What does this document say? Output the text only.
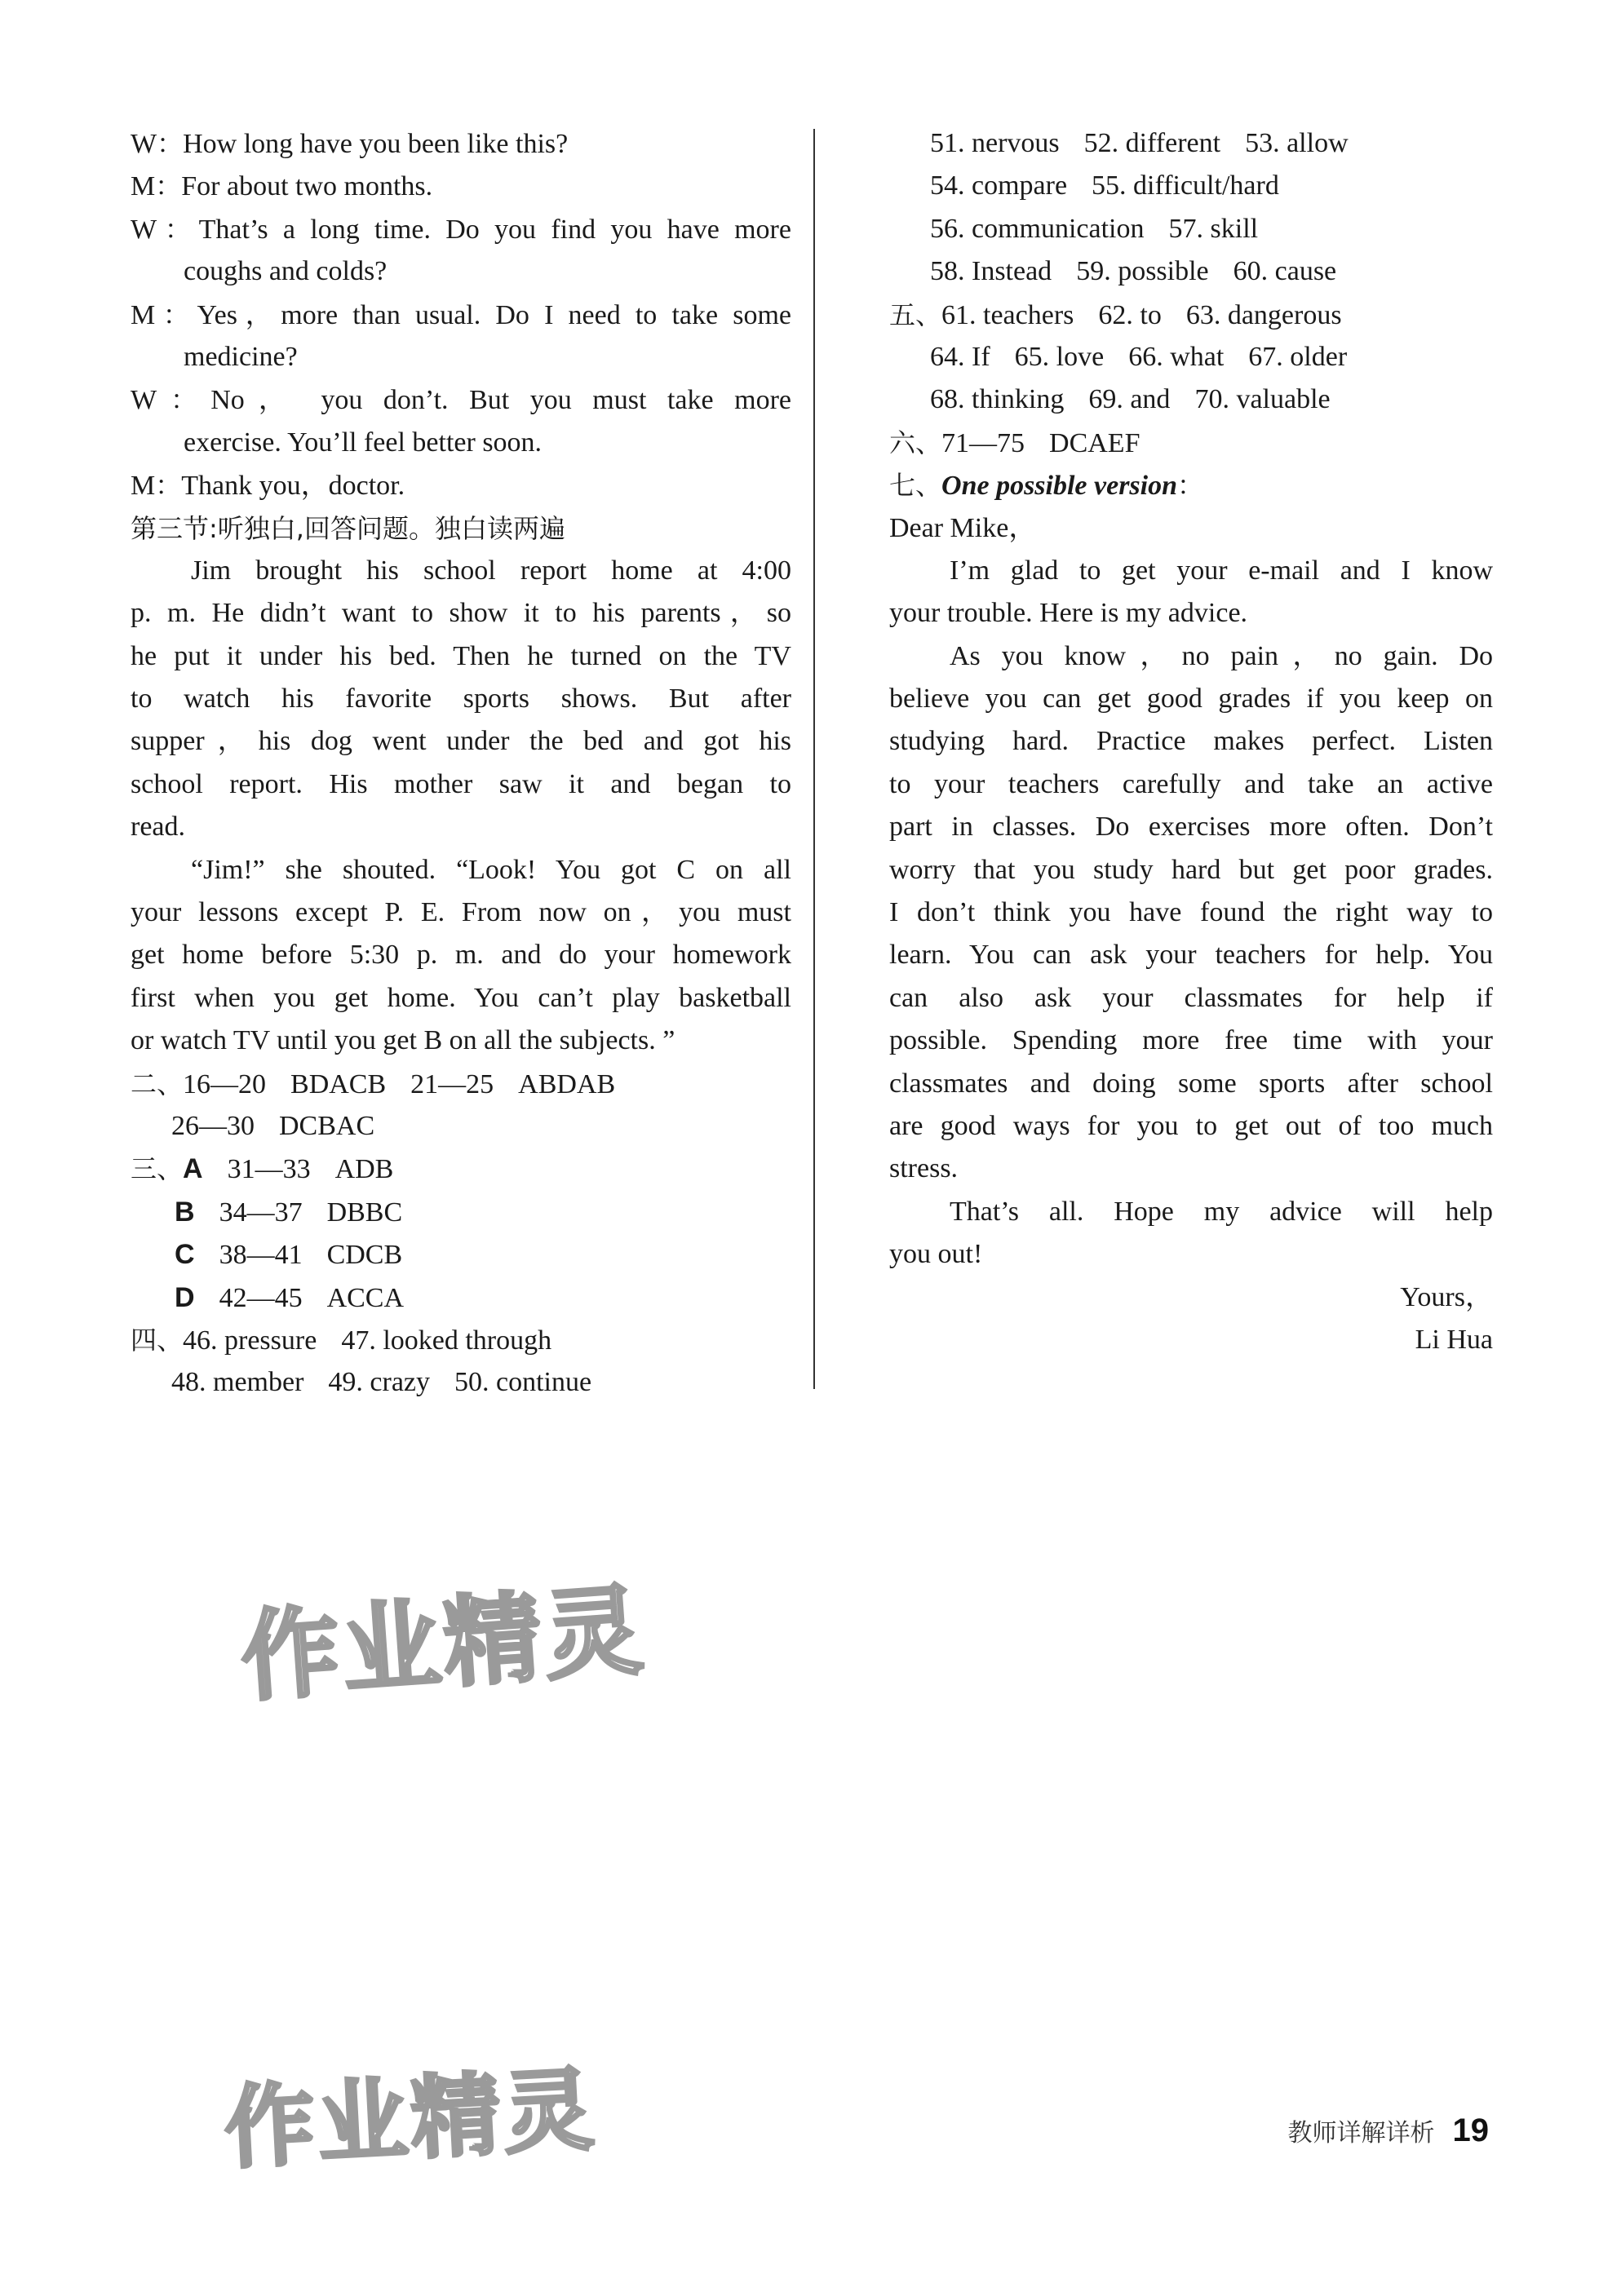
W：How long have you been like this?
M：For about two months.
W：That’s a long time. Do you find you have more
coughs and colds?
M：Yes，more than usual. Do I need to take some
medicine?
W：No， you don’t. But you must take more
exercise. You’ll feel better soon.
M：Thank you，doctor.
第三节:听独白,回答问题。独白读两遍
Jim brought his school report home at 4:00
p. m. He didn’t want to show it to his parents，so
he put it under his bed. Then he turned on the TV
to watch his favorite sports shows. But after
supper，his dog went under the bed and got his
school report. His mother saw it and began to
read.
“Jim!” she shouted. “Look! You got C on all
your lessons except P. E. From now on，you must
get home before 5:30 p. m. and do your homework
first when you get home. You can’t play basketball
or watch TV until you get B on all the subjects. ”
二、16—20 BDACB 21—25 ABDAB
26—30 DCBAC
三、A 31—33 ADB
B 34—37 DBBC
C 38—41 CDCB
D 42—45 ACCA
四、46. pressure 47. looked through
48. member 49. crazy 50. continue
51. nervous 52. different 53. allow
54. compare 55. difficult/hard
56. communication 57. skill
58. Instead 59. possible 60. cause
五、61. teachers 62. to 63. dangerous
64. If 65. love 66. what 67. older
68. thinking 69. and 70. valuable
六、71—75 DCAEF
七、One possible version：
Dear Mike，
I’m glad to get your e-mail and I know
your trouble. Here is my advice.
As you know，no pain，no gain. Do
believe you can get good grades if you keep on
studying hard. Practice makes perfect. Listen
to your teachers carefully and take an active
part in classes. Do exercises more often. Don’t
worry that you study hard but get poor grades.
I don’t think you have found the right way to
learn. You can ask your teachers for help. You
can also ask your classmates for help if
possible. Spending more free time with your
classmates and doing some sports after school
are good ways for you to get out of too much
stress.
That’s all. Hope my advice will help
you out!
Yours，
Li Hua
作业精灵
作业精灵	教师详解详析 19
